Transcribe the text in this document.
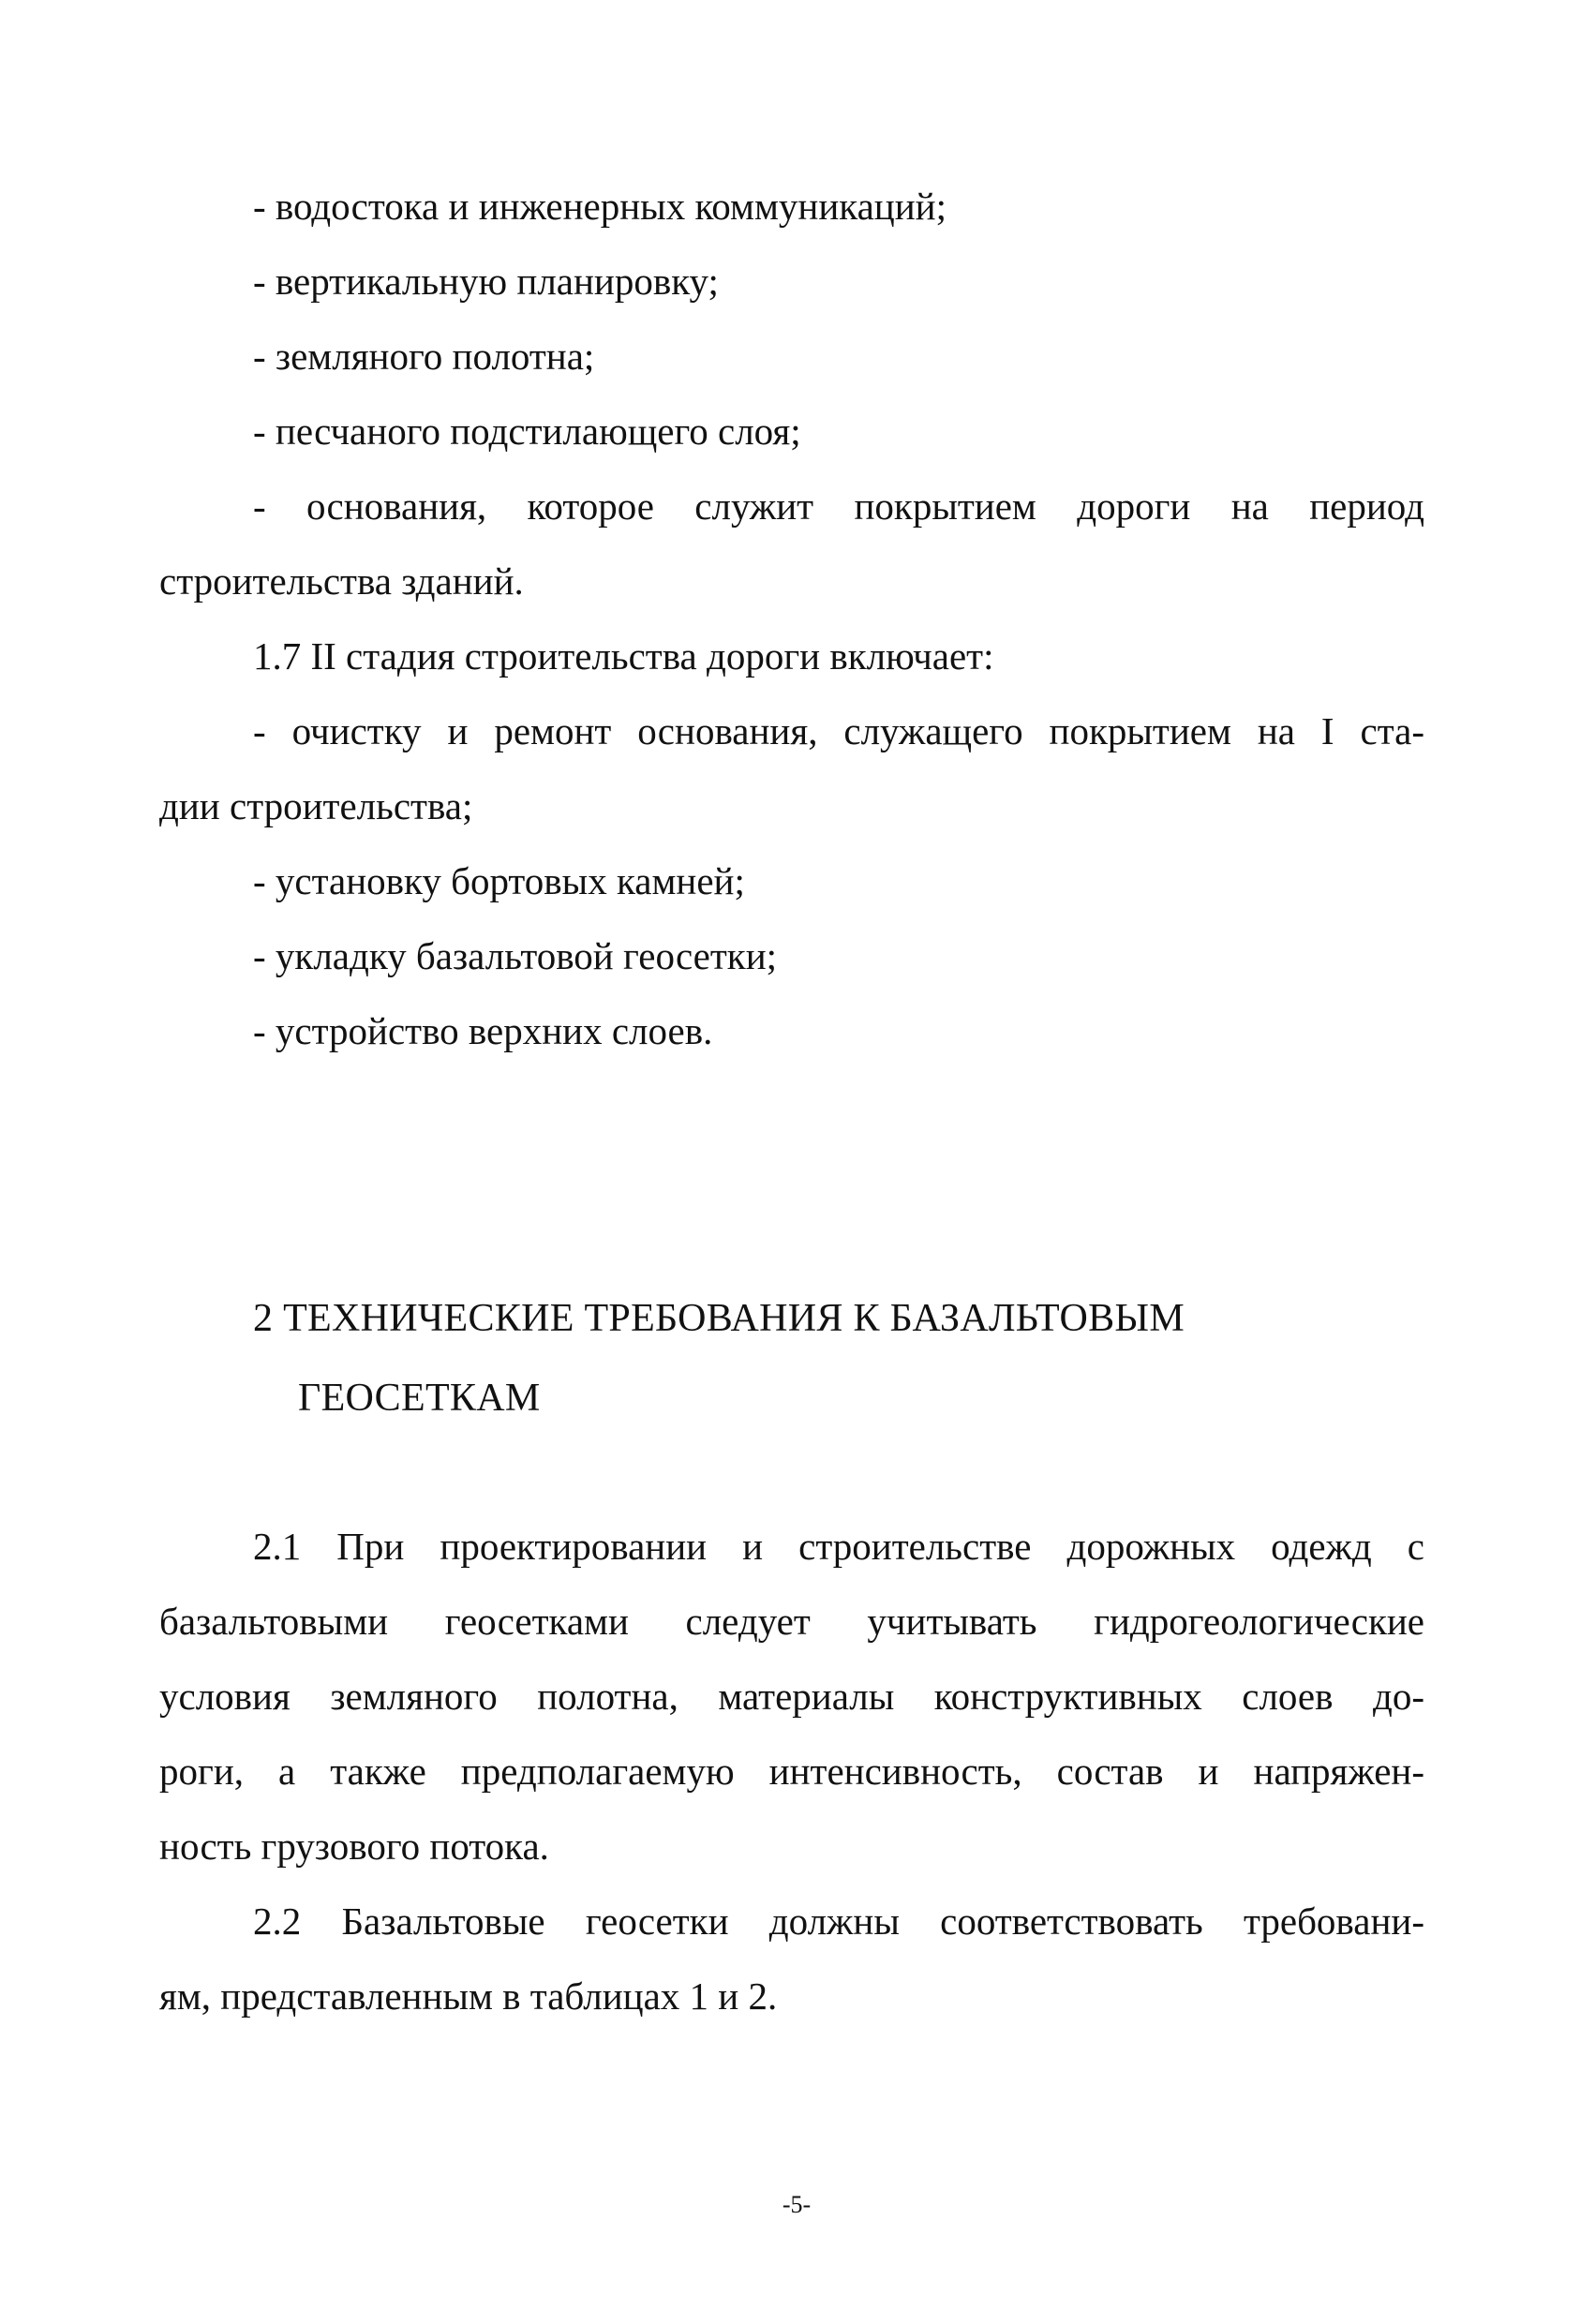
- водостока и инженерных коммуникаций;
- вертикальную планировку;
- земляного полотна;
- песчаного подстилающего слоя;
- основания, которое служит покрытием дороги на период
строительства зданий.
1.7 II стадия строительства дороги включает:
- очистку и ремонт основания, служащего покрытием на I ста-
дии строительства;
- установку бортовых камней;
- укладку базальтовой геосетки;
- устройство верхних слоев.
2 ТЕХНИЧЕСКИЕ ТРЕБОВАНИЯ К БАЗАЛЬТОВЫМ
ГЕОСЕТКАМ
2.1 При проектировании и строительстве дорожных одежд с
базальтовыми геосетками следует учитывать гидрогеологические
условия земляного полотна, материалы конструктивных слоев до-
роги, а также предполагаемую интенсивность, состав и напряжен-
ность грузового потока.
2.2 Базальтовые геосетки должны соответствовать требовани-
ям, представленным в таблицах 1 и 2.
-5-
